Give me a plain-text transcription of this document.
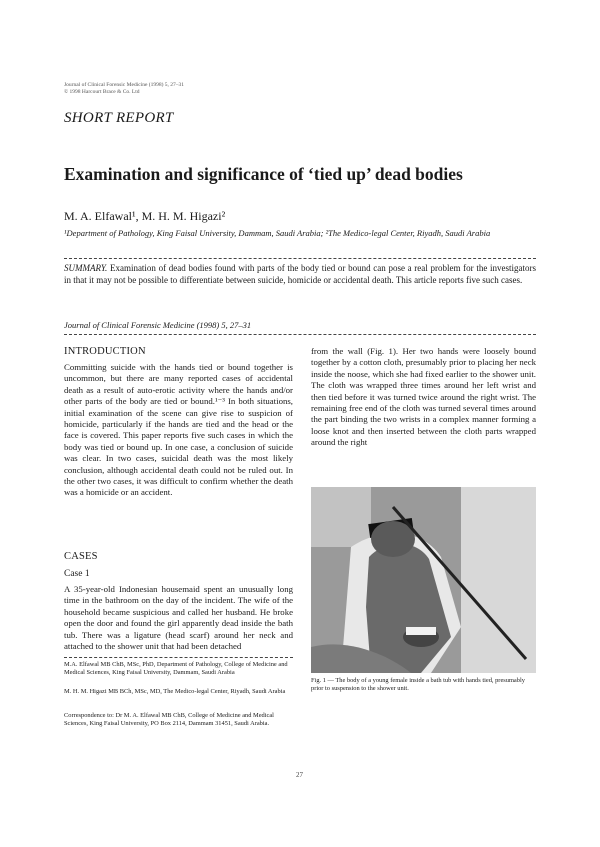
Journal of Clinical Forensic Medicine (1998) 5, 27–31
© 1998 Harcourt Brace & Co. Ltd
SHORT REPORT
Examination and significance of ‘tied up’ dead bodies
M. A. Elfawal¹, M. H. M. Higazi²
¹Department of Pathology, King Faisal University, Dammam, Saudi Arabia; ²The Medico-legal Center, Riyadh, Saudi Arabia
SUMMARY. Examination of dead bodies found with parts of the body tied or bound can pose a real problem for the investigators in that it may not be possible to differentiate between suicide, homicide or accidental death. This article reports five such cases.
Journal of Clinical Forensic Medicine (1998) 5, 27–31
INTRODUCTION
Committing suicide with the hands tied or bound together is uncommon, but there are many reported cases of accidental death as a result of auto-erotic activity where the hands and/or other parts of the body are tied or bound.¹⁻³ In both situations, initial examination of the scene can give rise to suspicion of homicide, particularly if the hands are tied and the head or the face is covered. This paper reports five such cases in which the body was tied or bound up. In one case, a conclusion of suicide was clear. In two cases, suicidal death was the most likely conclusion, although accidental death could not be ruled out. In the other two cases, it was difficult to confirm whether the death was a homicide or an accident.
CASES
Case 1
A 35-year-old Indonesian housemaid spent an unusually long time in the bathroom on the day of the incident. The wife of the household became suspicious and called her husband. He broke open the door and found the girl apparently dead inside the bath tub. There was a ligature (head scarf) around her neck and attached to the shower unit that had been detached
M.A. Elfawal MB ChB, MSc, PhD, Department of Pathology, College of Medicine and Medical Sciences, King Faisal University, Dammam, Saudi Arabia
M. H. M. Higazi MB BCh, MSc, MD, The Medico-legal Center, Riyadh, Saudi Arabia
Correspondence to: Dr M. A. Elfawal MB ChB, College of Medicine and Medical Sciences, King Faisal University, PO Box 2114, Dammam 31451, Saudi Arabia.
from the wall (Fig. 1). Her two hands were loosely bound together by a cotton cloth, presumably prior to placing her neck inside the noose, which she had fixed earlier to the shower unit. The cloth was wrapped three times around her left wrist and then tied before it was turned twice around the right wrist. The remaining free end of the cloth was turned several times around the part binding the two wrists in a complex manner forming a loose knot and then inserted between the cloth parts wrapped around the right
Fig. 1 — The body of a young female inside a bath tub with hands tied, presumably prior to suspension to the shower unit.
27
